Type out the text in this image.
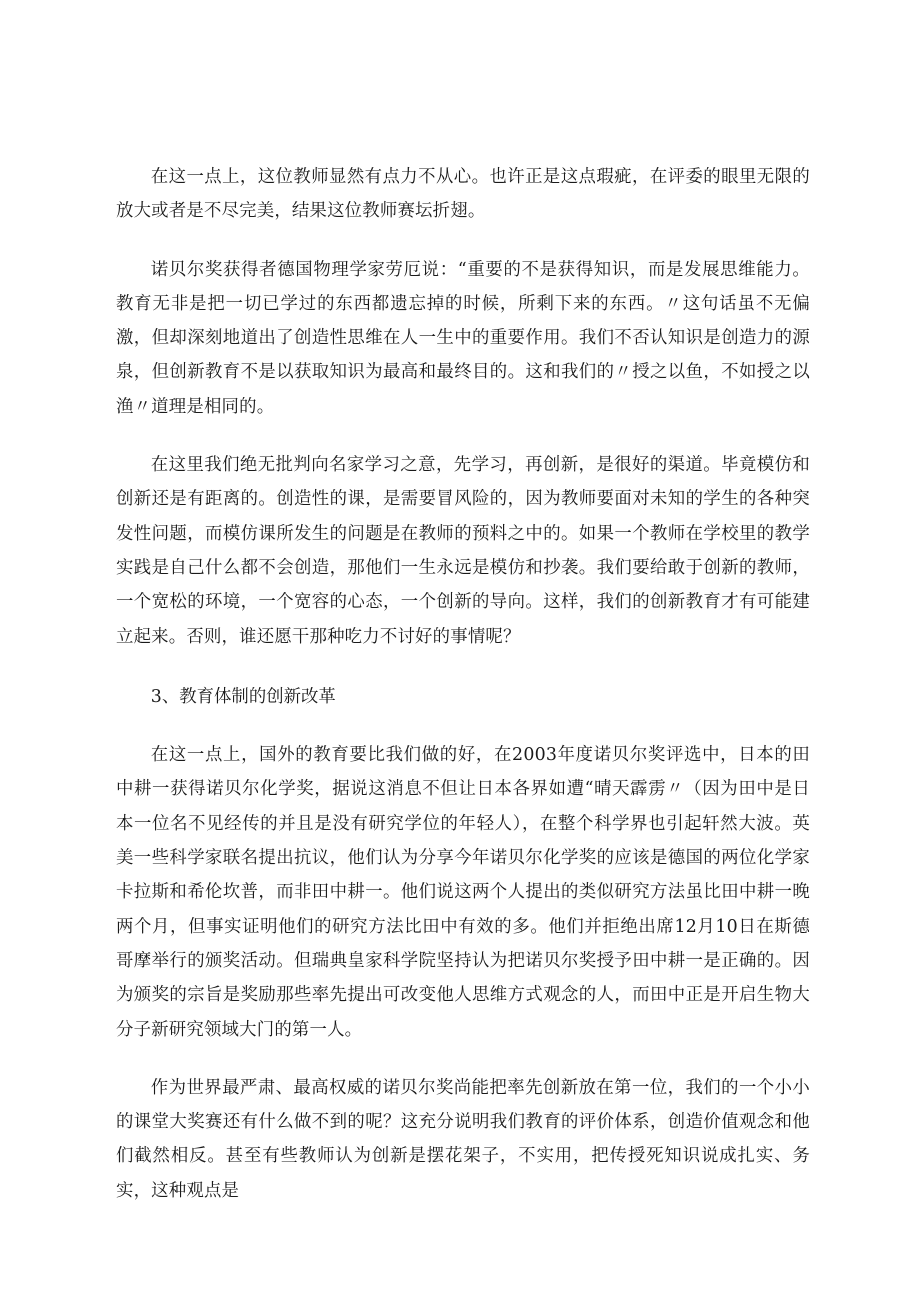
在这一点上，这位教师显然有点力不从心。也许正是这点瑕疵，在评委的眼里无限的放大或者是不尽完美，结果这位教师赛坛折翅。

诺贝尔奖获得者德国物理学家劳厄说：“重要的不是获得知识，而是发展思维能力。教育无非是把一切已学过的东西都遗忘掉的时候，所剩下来的东西。〃这句话虽不无偏激，但却深刻地道出了创造性思维在人一生中的重要作用。我们不否认知识是创造力的源泉，但创新教育不是以获取知识为最高和最终目的。这和我们的〃授之以鱼，不如授之以渔〃道理是相同的。

在这里我们绝无批判向名家学习之意，先学习，再创新，是很好的渠道。毕竟模仿和创新还是有距离的。创造性的课，是需要冒风险的，因为教师要面对未知的学生的各种突发性问题，而模仿课所发生的问题是在教师的预料之中的。如果一个教师在学校里的教学实践是自己什么都不会创造，那他们一生永远是模仿和抄袭。我们要给敢于创新的教师，一个宽松的环境，一个宽容的心态，一个创新的导向。这样，我们的创新教育才有可能建立起来。否则，谁还愿干那种吃力不讨好的事情呢？

3、教育体制的创新改革

在这一点上，国外的教育要比我们做的好，在2003年度诺贝尔奖评选中，日本的田中耕一获得诺贝尔化学奖，据说这消息不但让日本各界如遭“晴天霹雳〃（因为田中是日本一位名不见经传的并且是没有研究学位的年轻人），在整个科学界也引起轩然大波。英美一些科学家联名提出抗议，他们认为分享今年诺贝尔化学奖的应该是德国的两位化学家卡拉斯和希伦坎普，而非田中耕一。他们说这两个人提出的类似研究方法虽比田中耕一晚两个月，但事实证明他们的研究方法比田中有效的多。他们并拒绝出席12月10日在斯德哥摩举行的颁奖活动。但瑞典皇家科学院坚持认为把诺贝尔奖授予田中耕一是正确的。因为颁奖的宗旨是奖励那些率先提出可改变他人思维方式观念的人，而田中正是开启生物大分子新研究领域大门的第一人。

作为世界最严肃、最高权威的诺贝尔奖尚能把率先创新放在第一位，我们的一个小小的课堂大奖赛还有什么做不到的呢？这充分说明我们教育的评价体系，创造价值观念和他们截然相反。甚至有些教师认为创新是摆花架子，不实用，把传授死知识说成扎实、务实，这种观点是
